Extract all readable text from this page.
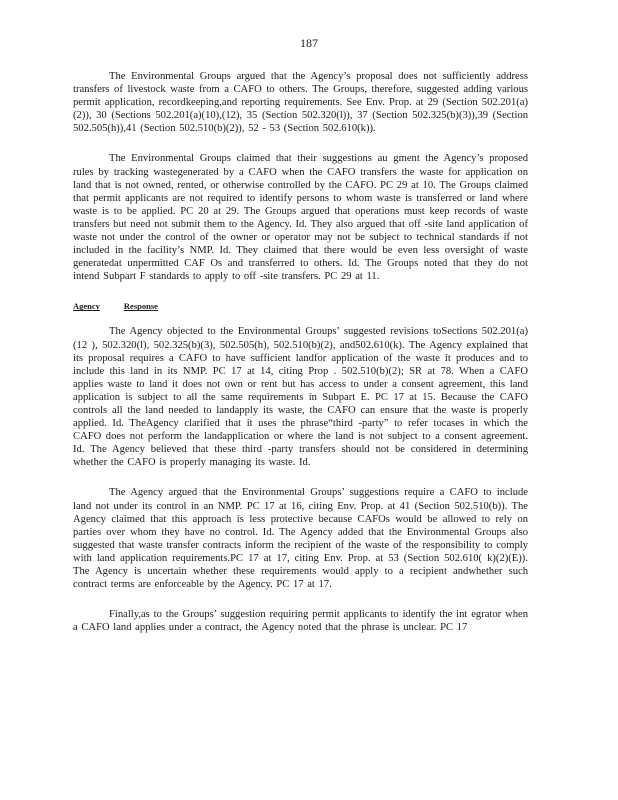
187

The Environmental Groups argued that the Agency’s proposal does not sufficiently address transfers of livestock waste from a CAFO to others. The Groups, therefore, suggested adding various permit application, recordkeeping,and reporting requirements. See Env. Prop. at 29 (Section 502.201(a)(2)), 30 (Sections 502.201(a)(10),(12), 35 (Section 502.320(l)), 37 (Section 502.325(b)(3)),39 (Section 502.505(h)),41 (Section 502.510(b)(2)), 52 - 53 (Section 502.610(k)).

The Environmental Groups claimed that their suggestions au gment the Agency’s proposed rules by tracking wastegenerated by a CAFO when the CAFO transfers the waste for application on land that is not owned, rented, or otherwise controlled by the CAFO. PC 29 at 10. The Groups claimed that permit applicants are not required to identify persons to whom waste is transferred or land where waste is to be applied. PC 20 at 29. The Groups argued that operations must keep records of waste transfers but need not submit them to the Agency. Id. They also argued that off -site land application of waste not under the control of the owner or operator may not be subject to technical standards if not included in the facility’s NMP. Id. They claimed that there would be even less oversight of waste generatedat unpermitted CAF Os and transferred to others. Id. The Groups noted that they do not intend Subpart F standards to apply to off -site transfers. PC 29 at 11.

Agency	Response

The Agency objected to the Environmental Groups’ suggested revisions toSections 502.201(a)(12 ), 502.320(l), 502.325(b)(3), 502.505(h), 502.510(b)(2), and502.610(k). The Agency explained that its proposal requires a CAFO to have sufficient landfor application of the waste it produces and to include this land in its NMP. PC 17 at 14, citing Prop . 502.510(b)(2); SR at 78. When a CAFO applies waste to land it does not own or rent but has access to under a consent agreement, this land application is subject to all the same requirements in Subpart E. PC 17 at 15. Because the CAFO controls all the land needed to landapply its waste, the CAFO can ensure that the waste is properly applied. Id. TheAgency clarified that it uses the phrase“third -party” to refer tocases in which the CAFO does not perform the landapplication or where the land is not subject to a consent agreement. Id. The Agency believed that these third -party transfers should not be considered in determining whether the CAFO is properly managing its waste. Id.

The Agency argued that the Environmental Groups’ suggestions require a CAFO to include land not under its control in an NMP. PC 17 at 16, citing Env. Prop. at 41 (Section 502.510(b)). The Agency claimed that this approach is less protective because CAFOs would be allowed to rely on parties over whom they have no control. Id. The Agency added that the Environmental Groups also suggested that waste transfer contracts inform the recipient of the waste of the responsibility to comply with land application requirements.PC 17 at 17, citing Env. Prop. at 53 (Section 502.610( k)(2)(E)). The Agency is uncertain whether these requirements would apply to a recipient andwhether such contract terms are enforceable by the Agency. PC 17 at 17.

Finally,as to the Groups’ suggestion requiring permit applicants to identify the int egrator when a CAFO land applies under a contract, the Agency noted that the phrase is unclear. PC 17
